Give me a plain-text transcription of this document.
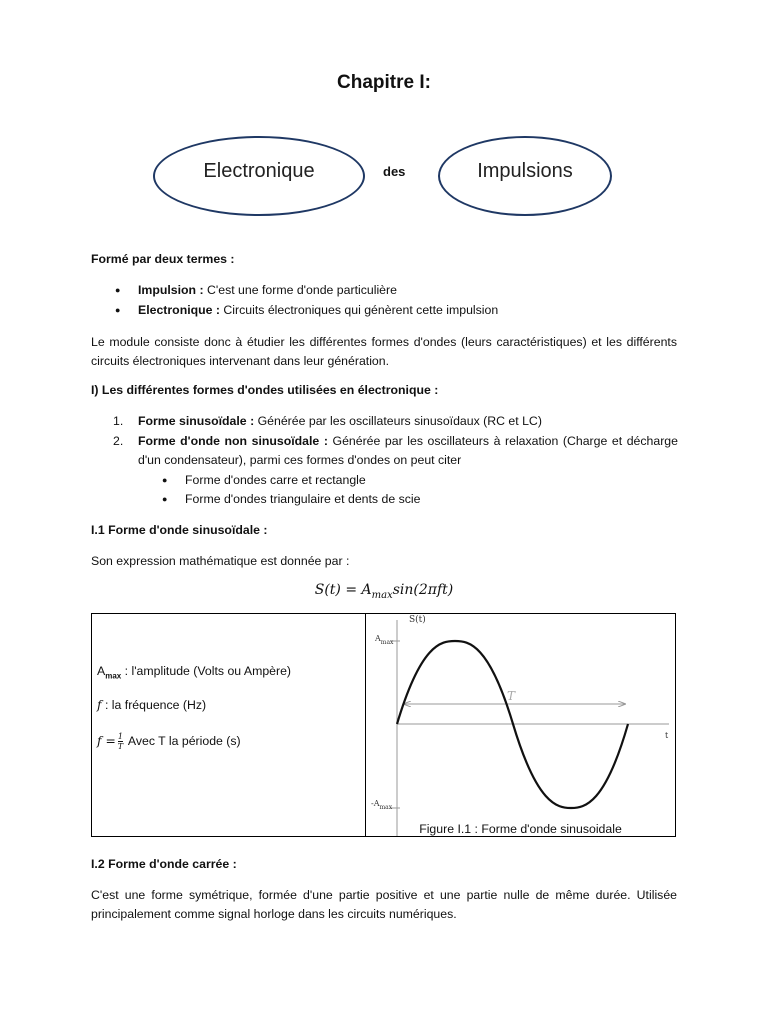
Chapitre I:
Electronique	des	Impulsions
Formé par deux termes :
Impulsion : C'est une forme d'onde particulière
Electronique : Circuits électroniques qui génèrent cette impulsion
Le module consiste donc à étudier les différentes formes d'ondes (leurs caractéristiques) et les différents circuits électroniques intervenant dans leur génération.
I) Les différentes formes d'ondes utilisées en électronique :
1. Forme sinusoïdale : Générée par les oscillateurs sinusoïdaux (RC et LC)
2. Forme d'onde non sinusoïdale : Générée par les oscillateurs à relaxation (Charge et décharge d'un condensateur), parmi ces formes d'ondes on peut citer
Forme d'ondes carre et rectangle
Forme d'ondes triangulaire et dents de scie
I.1 Forme d'onde sinusoïdale :
Son expression mathématique est donnée par :
$S(t) = A_{max}\sin(2\pi ft)$
$A_{max}$ : l'amplitude (Volts ou Ampère)
f : la fréquence (Hz)
$f = \frac{1}{T}$ Avec T la période (s)
S(t)
t
$A_{max}$
$-A_{max}$
T
Figure I.1 : Forme d'onde sinusoidale
I.2 Forme d'onde carrée :
C'est une forme symétrique, formée d'une partie positive et une partie nulle de même durée. Utilisée principalement comme signal horloge dans les circuits numériques.
